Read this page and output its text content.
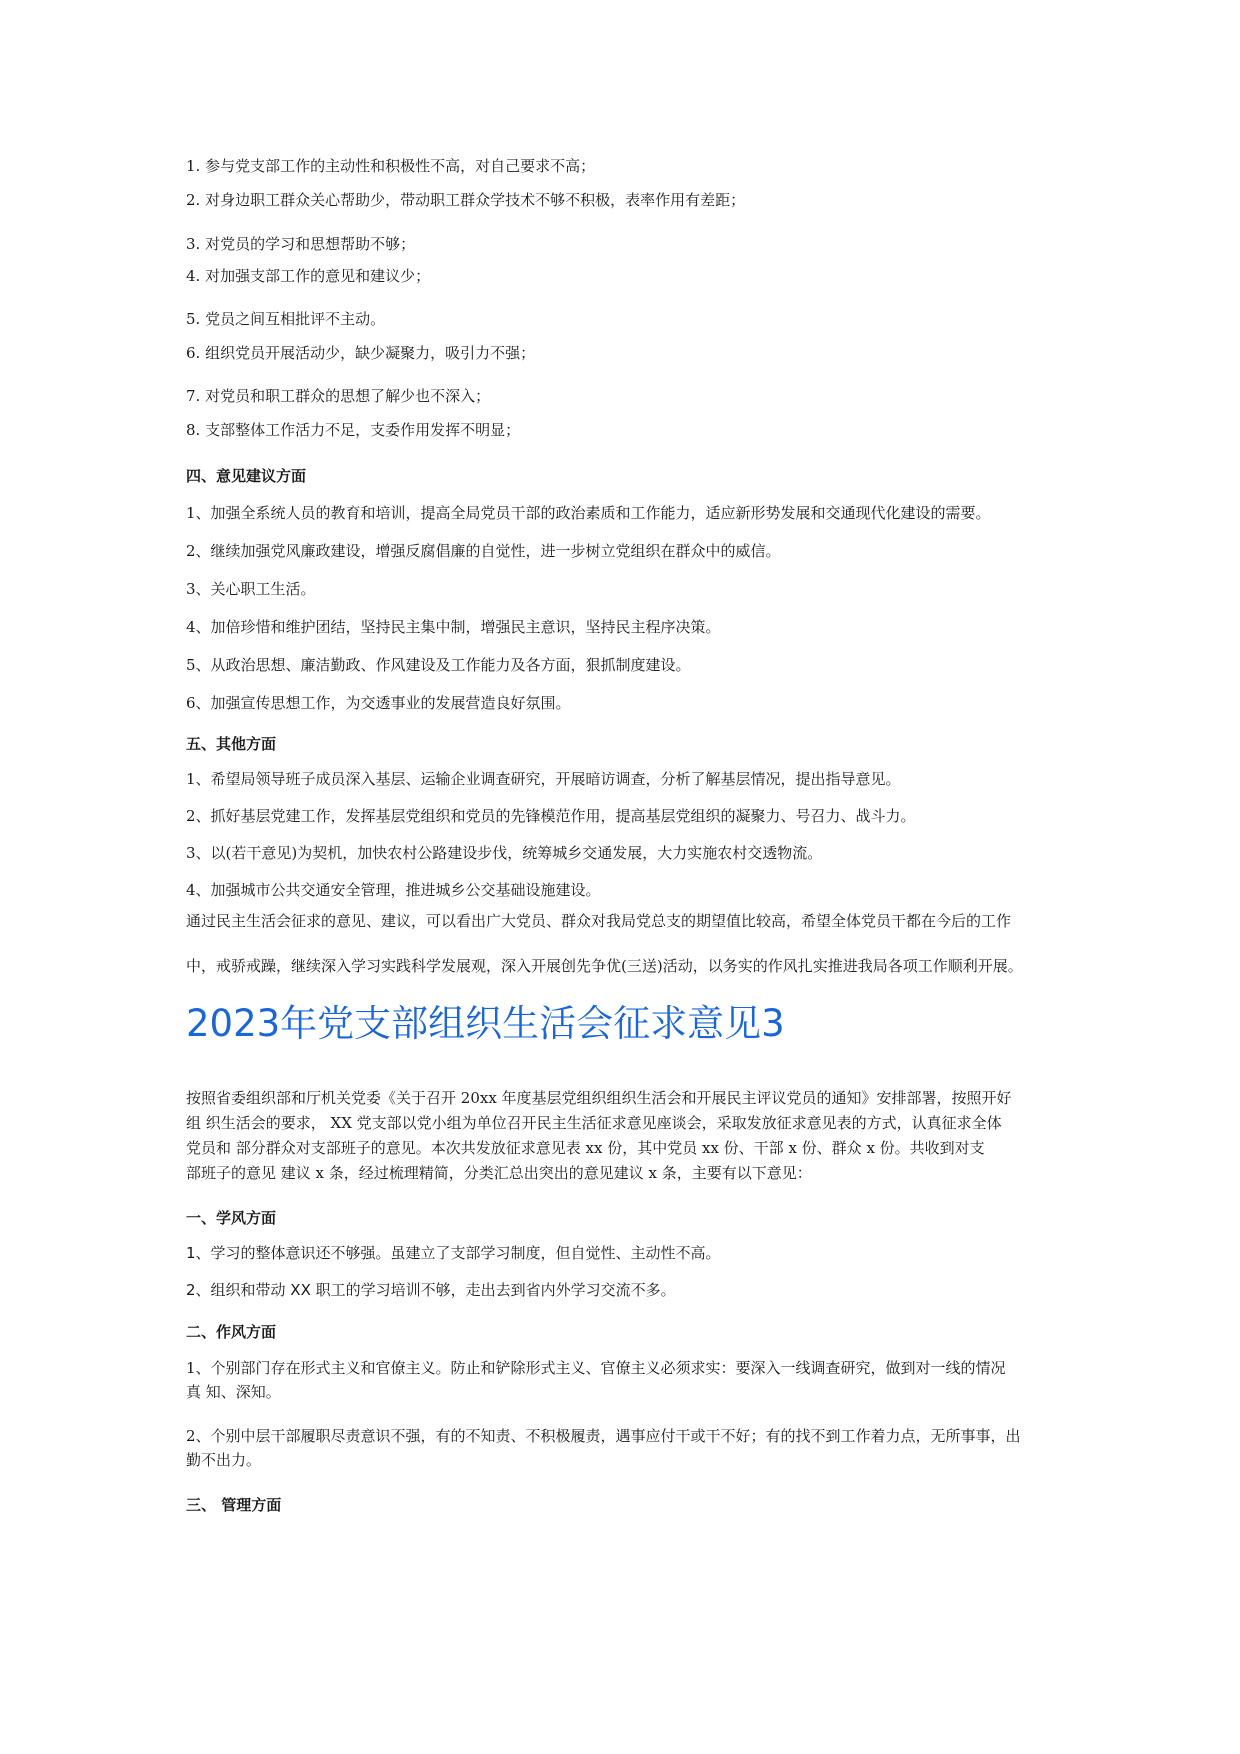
1. 参与党支部工作的主动性和积极性不高，对自己要求不高；
2. 对身边职工群众关心帮助少，带动职工群众学技术不够不积极，表率作用有差距；
3. 对党员的学习和思想帮助不够；
4. 对加强支部工作的意见和建议少；
5. 党员之间互相批评不主动。
6. 组织党员开展活动少，缺少凝聚力，吸引力不强；
7. 对党员和职工群众的思想了解少也不深入；
8. 支部整体工作活力不足，支委作用发挥不明显；
四、意见建议方面
1、加强全系统人员的教育和培训，提高全局党员干部的政治素质和工作能力，适应新形势发展和交通现代化建设的需要。
2、继续加强党风廉政建设，增强反腐倡廉的自觉性，进一步树立党组织在群众中的威信。
3、关心职工生活。
4、加倍珍惜和维护团结，坚持民主集中制，增强民主意识，坚持民主程序决策。
5、从政治思想、廉洁勤政、作风建设及工作能力及各方面，狠抓制度建设。
6、加强宣传思想工作，为交透事业的发展营造良好氛围。
五、其他方面
1、希望局领导班子成员深入基层、运输企业调查研究，开展暗访调查，分析了解基层情况，提出指导意见。
2、抓好基层党建工作，发挥基层党组织和党员的先锋模范作用，提高基层党组织的凝聚力、号召力、战斗力。
3、以(若干意见)为契机，加快农村公路建设步伐，统筹城乡交通发展，大力实施农村交透物流。
4、加强城市公共交通安全管理，推进城乡公交基础设施建设。
通过民主生活会征求的意见、建议，可以看出广大党员、群众对我局党总支的期望值比较高，希望全体党员干都在今后的工作
中，戒骄戒躁，继续深入学习实践科学发展观，深入开展创先争优(三送)活动，以务实的作风扎实推进我局各项工作顺利开展。
2023年党支部组织生活会征求意见3
按照省委组织部和厅机关党委《关于召开 20xx 年度基层党组织组织生活会和开展民主评议党员的通知》安排部署，按照开好
组 织生活会的要求， XX 党支部以党小组为单位召开民主生活征求意见座谈会，采取发放征求意见表的方式，认真征求全体
党员和 部分群众对支部班子的意见。本次共发放征求意见表 xx 份，其中党员 xx 份、干部 x 份、群众 x 份。共收到对支
部班子的意见 建议 x 条，经过梳理精简，分类汇总出突出的意见建议 x 条，主要有以下意见：
一、学风方面
1、学习的整体意识还不够强。虽建立了支部学习制度，但自觉性、主动性不高。
2、组织和带动 XX 职工的学习培训不够，走出去到省内外学习交流不多。
二、作风方面
1、个别部门存在形式主义和官僚主义。防止和铲除形式主义、官僚主义必须求实：要深入一线调查研究，做到对一线的情况
真 知、深知。
2、个别中层干部履职尽责意识不强，有的不知责、不积极履责，遇事应付干或干不好；有的找不到工作着力点，无所事事，出
勤不出力。
三、 管理方面
